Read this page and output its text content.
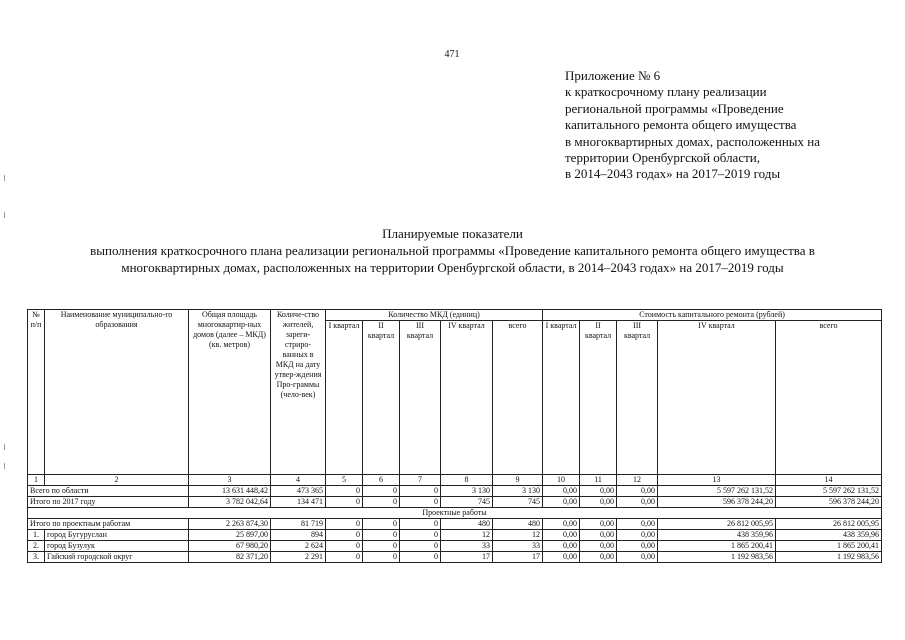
471
Приложение № 6
к краткосрочному плану реализации
региональной программы «Проведение
капитального ремонта общего имущества
в многоквартирных домах, расположенных на
территории Оренбургской области,
в 2014–2043 годах» на 2017–2019 годы
Планируемые показатели
выполнения краткосрочного плана реализации региональной программы «Проведение капитального ремонта общего имущества в
многоквартирных домах, расположенных на территории Оренбургской области, в 2014–2043 годах» на 2017–2019 годы
№ п/п	Наименование муниципально-го образования	Общая площадь многоквартир-ных домов (далее – МКД) (кв. метров)	Количе-ство жителей, зареги-стриро-ванных в МКД на дату утвер-ждения Про-граммы (чело-век)	Количество МКД (единиц)					Стоимость капитального ремонта (рублей)				
				I квартал	II квартал	III квартал	IV квартал	всего	I квартал	II квартал	III квартал	IV квартал	всего
1	2	3	4	5	6	7	8	9	10	11	12	13	14
Всего по области		13 631 448,42	473 365	0	0	0	3 130	3 130	0,00	0,00	0,00	5 597 262 131,52	5 597 262 131,52
Итого по 2017 году		3 782 042,64	134 471	0	0	0	745	745	0,00	0,00	0,00	596 378 244,20	596 378 244,20
Проектные работы													
Итого по проектным работам		2 263 874,30	81 719	0	0	0	480	480	0,00	0,00	0,00	26 812 005,95	26 812 005,95
1.	город Бугуруслан	25 897,00	894	0	0	0	12	12	0,00	0,00	0,00	438 359,96	438 359,96
2.	город Бузулук	67 980,20	2 624	0	0	0	33	33	0,00	0,00	0,00	1 865 200,41	1 865 200,41
3.	Гайский городской округ	82 371,20	2 291	0	0	0	17	17	0,00	0,00	0,00	1 192 983,56	1 192 983,56
